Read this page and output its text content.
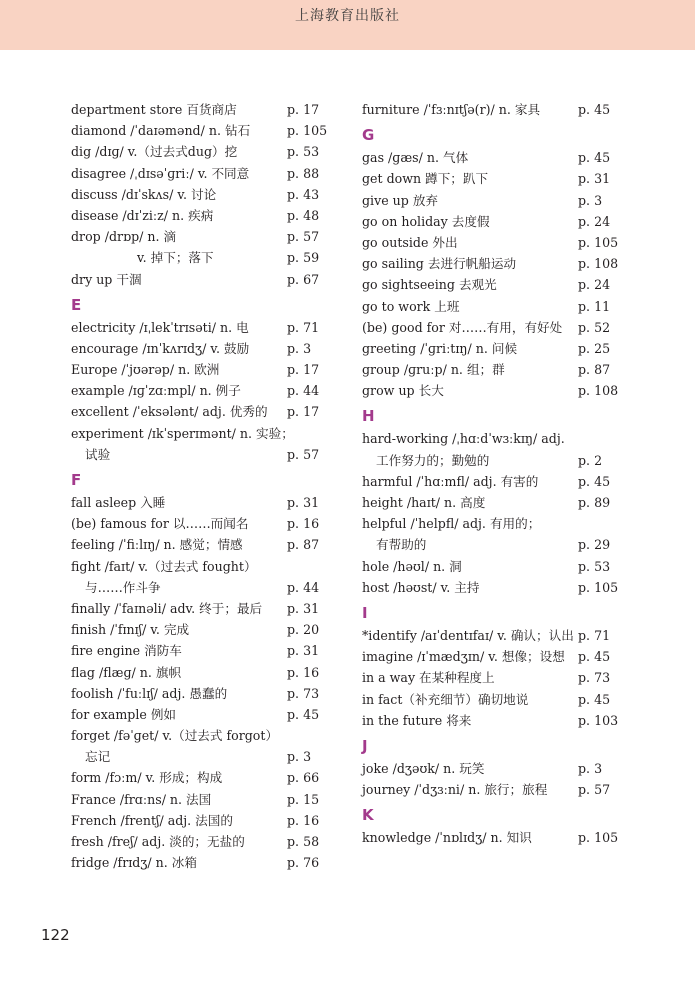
上海教育出版社
department store 百货商店	p. 17
diamond /ˈdaɪəmənd/ n. 钻石	p. 105
dig /dɪɡ/ v.（过去式dug）挖	p. 53
disagree /ˌdɪsəˈɡriː/ v. 不同意	p. 88
discuss /dɪˈskʌs/ v. 讨论	p. 43
disease /dɪˈziːz/ n. 疾病	p. 48
drop /drɒp/ n. 滴	p. 57
v. 掉下；落下	p. 59
dry up 干涸	p. 67
E
electricity /ɪˌlekˈtrɪsəti/ n. 电	p. 71
encourage /ɪnˈkʌrɪdʒ/ v. 鼓励	p. 3
Europe /ˈjʊərəp/ n. 欧洲	p. 17
example /ɪɡˈzɑːmpl/ n. 例子	p. 44
excellent /ˈeksələnt/ adj. 优秀的 p. 17
experiment /ɪkˈsperɪmənt/ n. 实验；
试验	p. 57
F
fall asleep 入睡	p. 31
(be) famous for 以……而闻名	p. 16
feeling /ˈfiːlɪŋ/ n. 感觉；情感	p. 87
fight /faɪt/ v.（过去式 fought）
与……作斗争	p. 44
finally /ˈfaɪnəli/ adv. 终于；最后 p. 31
finish /ˈfɪnɪʃ/ v. 完成	p. 20
fire engine 消防车	p. 31
flag /flæɡ/ n. 旗帜	p. 16
foolish /ˈfuːlɪʃ/ adj. 愚蠢的	p. 73
for example 例如	p. 45
forget /fəˈɡet/ v.（过去式 forgot）
忘记	p. 3
form /fɔːm/ v. 形成；构成	p. 66
France /frɑːns/ n. 法国	p. 15
French /frentʃ/ adj. 法国的	p. 16
fresh /freʃ/ adj. 淡的；无盐的	p. 58
fridge /frɪdʒ/ n. 冰箱	p. 76
furniture /ˈfɜːnɪtʃə(r)/ n. 家具	p. 45
G
gas /ɡæs/ n. 气体	p. 45
get down 蹲下；趴下	p. 31
give up 放弃	p. 3
go on holiday 去度假	p. 24
go outside 外出	p. 105
go sailing 去进行帆船运动	p. 108
go sightseeing 去观光	p. 24
go to work 上班	p. 11
(be) good for 对……有用，有好处 p. 52
greeting /ˈɡriːtɪŋ/ n. 问候	p. 25
group /ɡruːp/ n. 组；群	p. 87
grow up 长大	p. 108
H
hard-working /ˌhɑːdˈwɜːkɪŋ/ adj.
工作努力的；勤勉的	p. 2
harmful /ˈhɑːmfl/ adj. 有害的	p. 45
height /haɪt/ n. 高度	p. 89
helpful /ˈhelpfl/ adj. 有用的；
有帮助的	p. 29
hole /həʊl/ n. 洞	p. 53
host /həʊst/ v. 主持	p. 105
I
*identify /aɪˈdentɪfaɪ/ v. 确认；认出 p. 71
imagine /ɪˈmædʒɪn/ v. 想像；设想 p. 45
in a way 在某种程度上	p. 73
in fact（补充细节）确切地说	p. 45
in the future 将来	p. 103
J
joke /dʒəʊk/ n. 玩笑	p. 3
journey /ˈdʒɜːni/ n. 旅行；旅程 p. 57
K
knowledge /ˈnɒlɪdʒ/ n. 知识	p. 105
122
